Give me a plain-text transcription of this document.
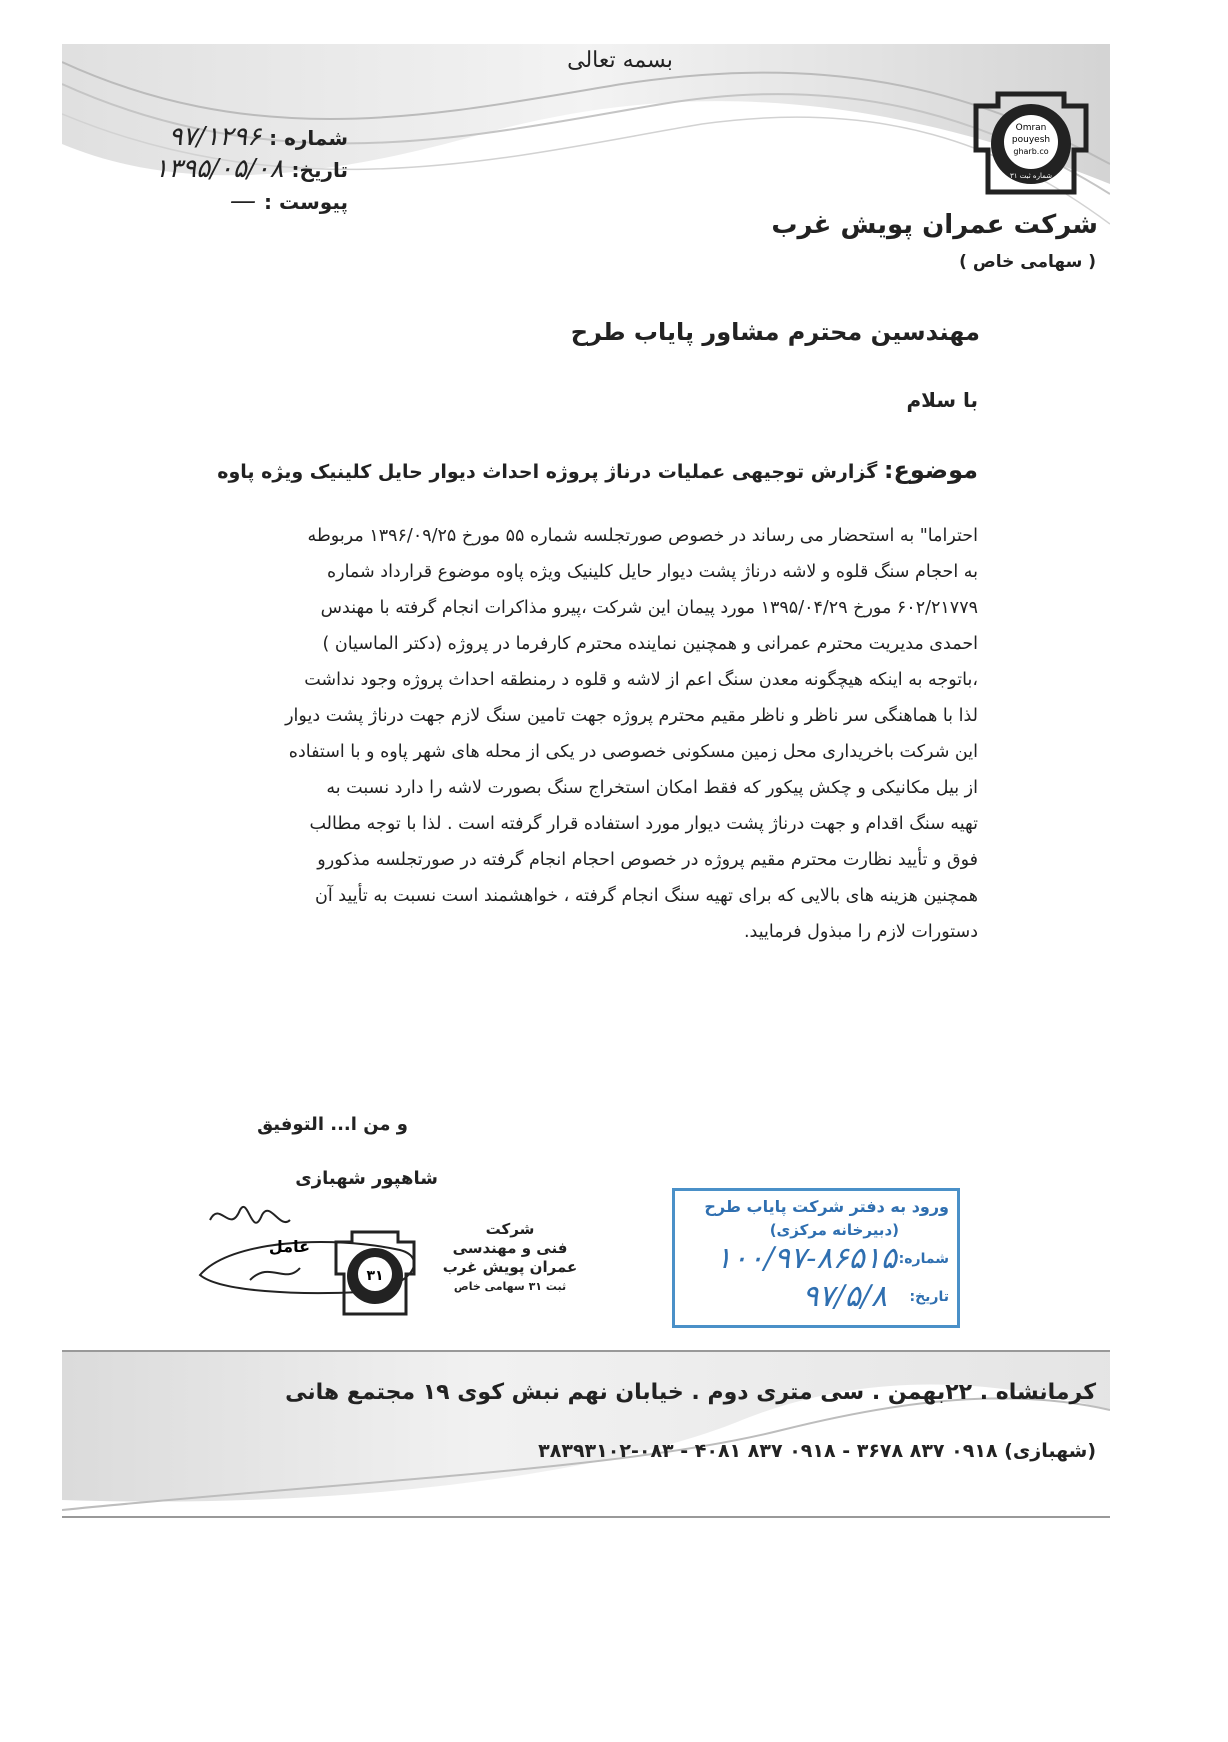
بسمه تعالی
شماره :۹۷/۱۲۹۶
تاریخ:۱۳۹۵/۰۵/۰۸
پیوست :—
Omran
pouyesh
gharb.co
شماره ثبت ۳۱
شرکت عمران پویش غرب
( سهامی خاص )
مهندسین محترم مشاور پایاب طرح
با سلام
موضوع: گزارش توجیهی عملیات درناژ پروژه احداث دیوار حایل کلینیک ویژه پاوه

احتراما" به استحضار می رساند در خصوص صورتجلسه شماره ۵۵ مورخ ۱۳۹۶/۰۹/۲۵ مربوطه

به احجام سنگ قلوه و لاشه درناژ پشت دیوار حایل کلینیک ویژه پاوه موضوع قرارداد شماره

۶۰۲/۲۱۷۷۹ مورخ ۱۳۹۵/۰۴/۲۹ مورد پیمان این شرکت ،پیرو مذاکرات انجام گرفته با مهندس

احمدی مدیریت محترم عمرانی و همچنین نماینده محترم کارفرما در پروژه (دکتر الماسیان )

،باتوجه به اینکه هیچگونه معدن سنگ اعم از لاشه و قلوه د رمنطقه احداث پروژه وجود نداشت

لذا با هماهنگی سر ناظر و ناظر مقیم محترم پروژه جهت تامین سنگ لازم جهت درناژ پشت دیوار

این شرکت باخریداری محل زمین مسکونی خصوصی در یکی از محله های شهر پاوه و با استفاده

از بیل مکانیکی و چکش پیکور که فقط امکان استخراج سنگ بصورت لاشه را دارد نسبت به

تهیه سنگ اقدام و جهت درناژ پشت دیوار مورد استفاده قرار گرفته است . لذا با توجه مطالب

فوق و تأیید نظارت محترم مقیم پروژه در خصوص احجام انجام گرفته در صورتجلسه مذکورو

همچنین هزینه های بالایی که برای تهیه سنگ انجام گرفته ، خواهشمند است نسبت به تأیید آن

دستورات لازم را مبذول فرمایید.

و من ا... التوفیق
شاهپور شهبازی
عامل
۳۱
شرکت
فنی و مهندسی
عمران پویش غرب
ثبت ۳۱ سهامی خاص
ورود به دفتر شرکت پایاب طرح
(دبیرخانه مرکزی)
شماره:
۱۰۰/۹۷-۸۶۵۱۵
تاریخ:
۹۷/۵/۸
کرمانشاه . ۲۲بهمن . سی متری دوم . خیابان نهم نبش کوی ۱۹ مجتمع هانی
(شهبازی) ۰۹۱۸ ۸۳۷ ۳۶۷۸ - ۰۹۱۸ ۸۳۷ ۴۰۸۱ - ۰۸۳-۳۸۳۹۳۱۰۲
